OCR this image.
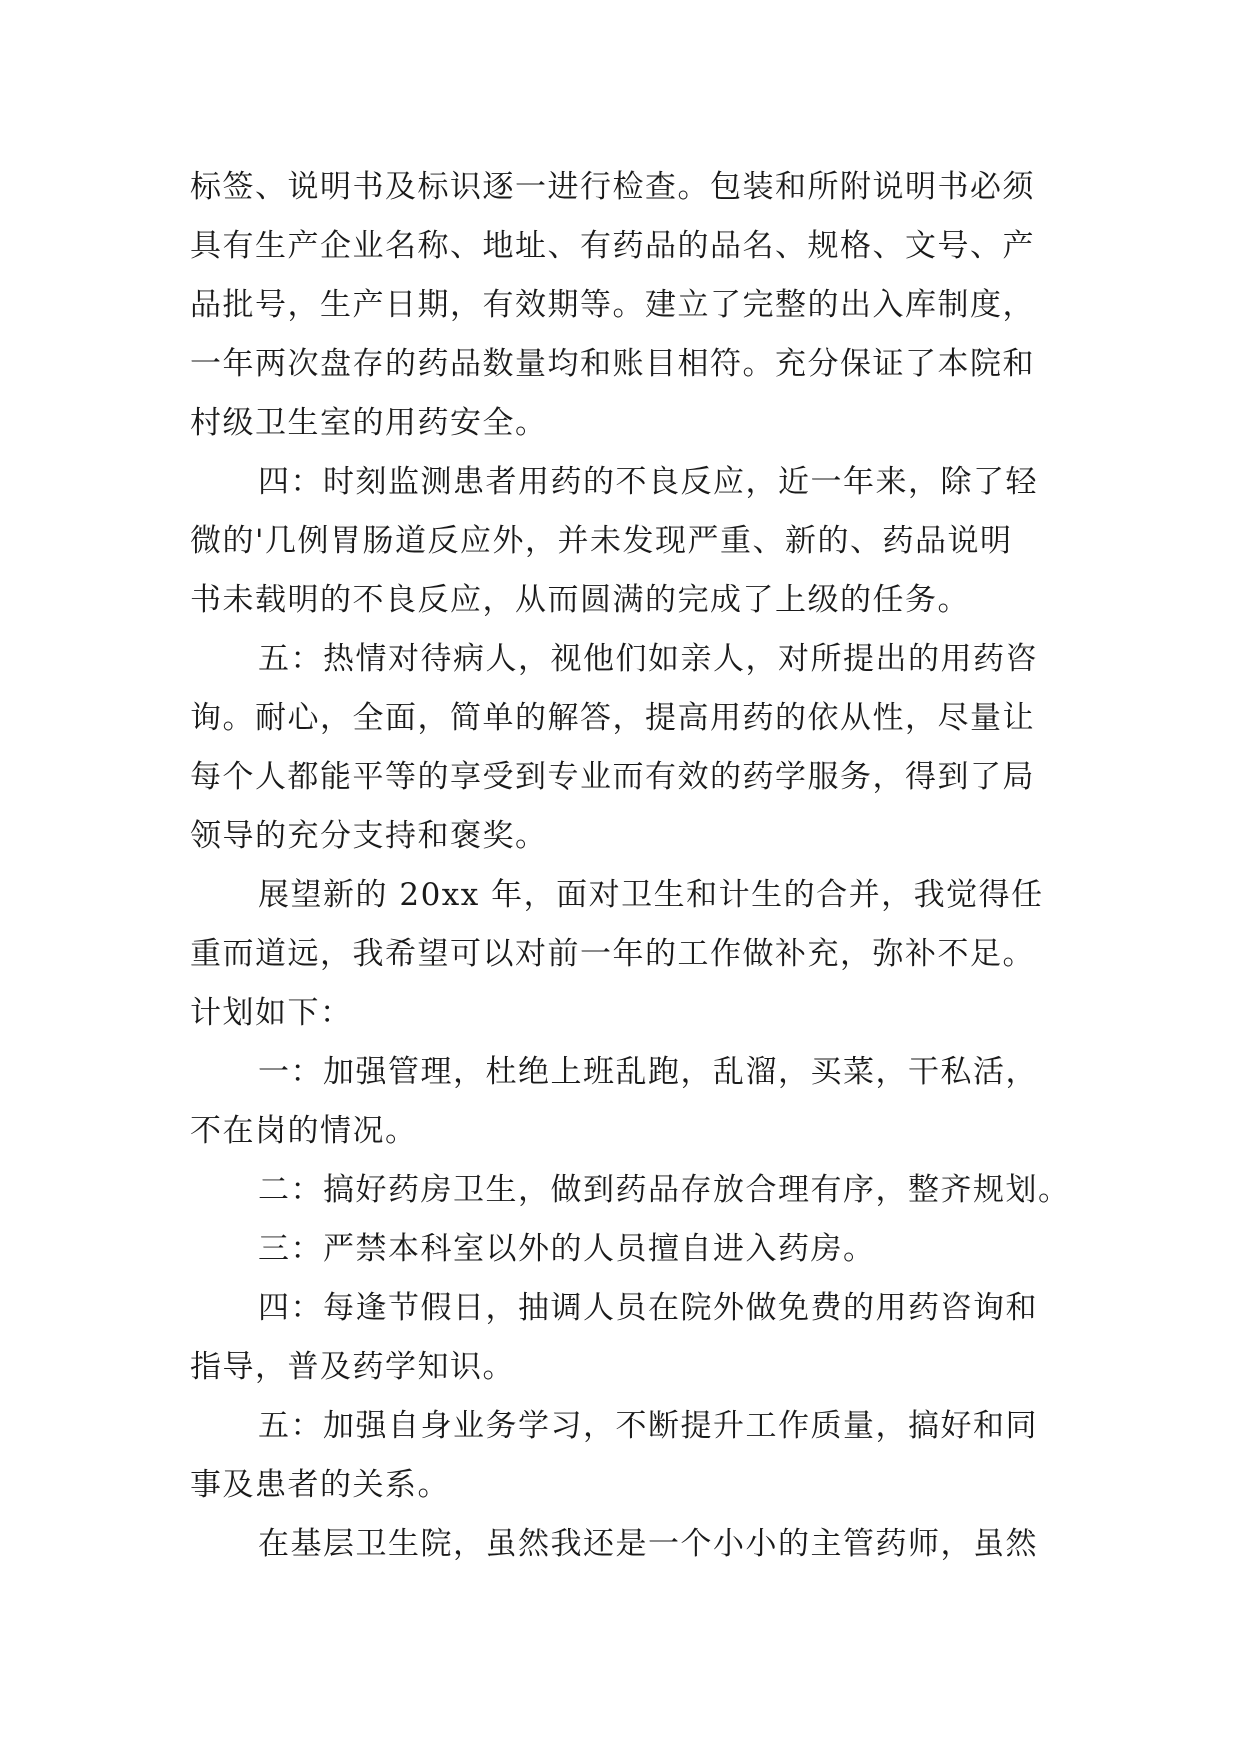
标签、说明书及标识逐一进行检查。包装和所附说明书必须
具有生产企业名称、地址、有药品的品名、规格、文号、产
品批号，生产日期，有效期等。建立了完整的出入库制度，
一年两次盘存的药品数量均和账目相符。充分保证了本院和
村级卫生室的用药安全。
四：时刻监测患者用药的不良反应，近一年来，除了轻
微的'几例胃肠道反应外，并未发现严重、新的、药品说明
书未载明的不良反应，从而圆满的完成了上级的任务。
五：热情对待病人，视他们如亲人，对所提出的用药咨
询。耐心，全面，简单的解答，提高用药的依从性，尽量让
每个人都能平等的享受到专业而有效的药学服务，得到了局
领导的充分支持和褒奖。
展望新的 20xx 年，面对卫生和计生的合并，我觉得任
重而道远，我希望可以对前一年的工作做补充，弥补不足。
计划如下：
一：加强管理，杜绝上班乱跑，乱溜，买菜，干私活，
不在岗的情况。
二：搞好药房卫生，做到药品存放合理有序，整齐规划。
三：严禁本科室以外的人员擅自进入药房。
四：每逢节假日，抽调人员在院外做免费的用药咨询和
指导，普及药学知识。
五：加强自身业务学习，不断提升工作质量，搞好和同
事及患者的关系。
在基层卫生院，虽然我还是一个小小的主管药师，虽然
